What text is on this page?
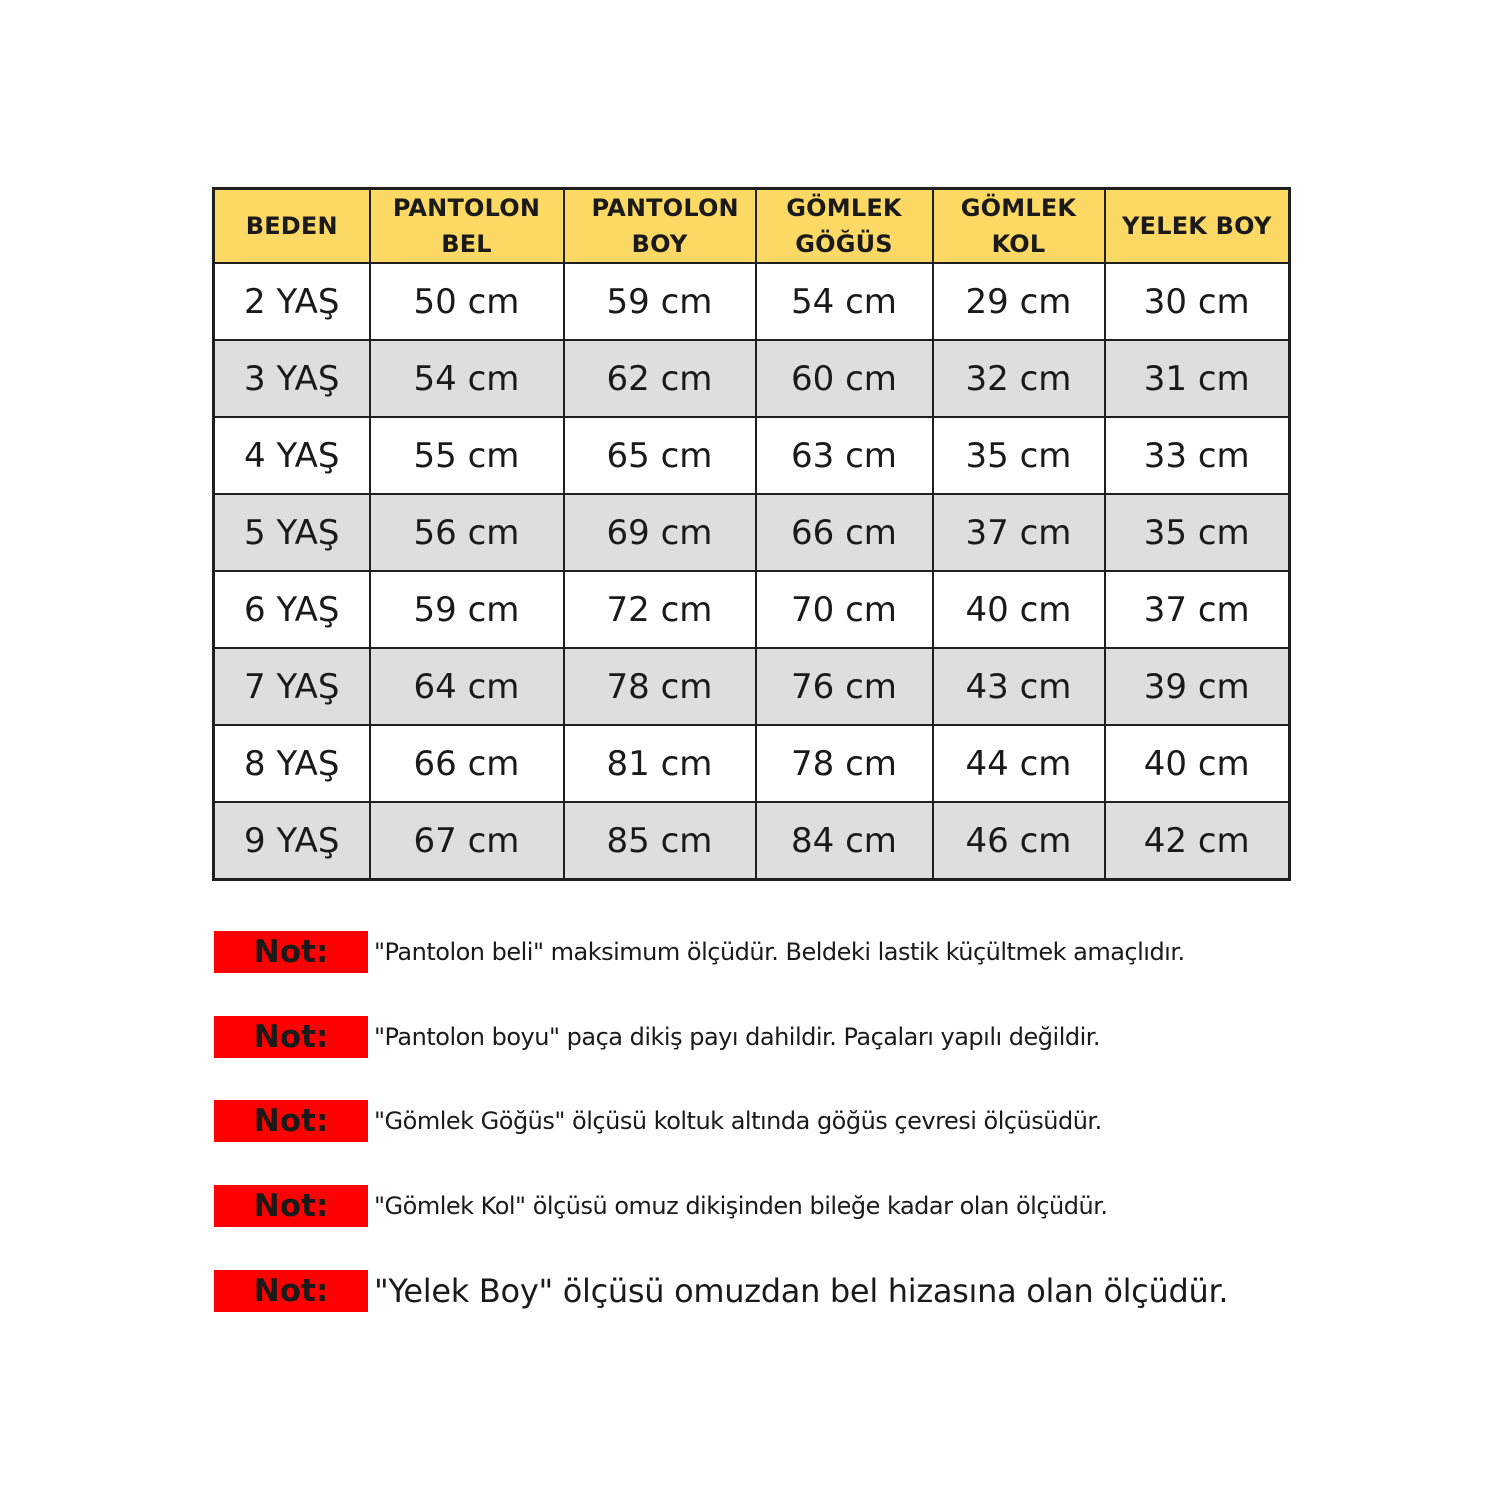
BEDEN	PANTOLON BEL	PANTOLON BOY	GÖMLEK GÖĞÜS	GÖMLEK KOL	YELEK BOY
2 YAŞ	50 cm	59 cm	54 cm	29 cm	30 cm
3 YAŞ	54 cm	62 cm	60 cm	32 cm	31 cm
4 YAŞ	55 cm	65 cm	63 cm	35 cm	33 cm
5 YAŞ	56 cm	69 cm	66 cm	37 cm	35 cm
6 YAŞ	59 cm	72 cm	70 cm	40 cm	37 cm
7 YAŞ	64 cm	78 cm	76 cm	43 cm	39 cm
8 YAŞ	66 cm	81 cm	78 cm	44 cm	40 cm
9 YAŞ	67 cm	85 cm	84 cm	46 cm	42 cm
Not:	"Pantolon beli" maksimum ölçüdür. Beldeki lastik küçültmek amaçlıdır.
Not:	"Pantolon boyu" paça dikiş payı dahildir. Paçaları yapılı değildir.
Not:	"Gömlek Göğüs" ölçüsü koltuk altında göğüs çevresi ölçüsüdür.
Not:	"Gömlek Kol" ölçüsü omuz dikişinden bileğe kadar olan ölçüdür.
Not:	"Yelek Boy" ölçüsü omuzdan bel hizasına olan ölçüdür.
